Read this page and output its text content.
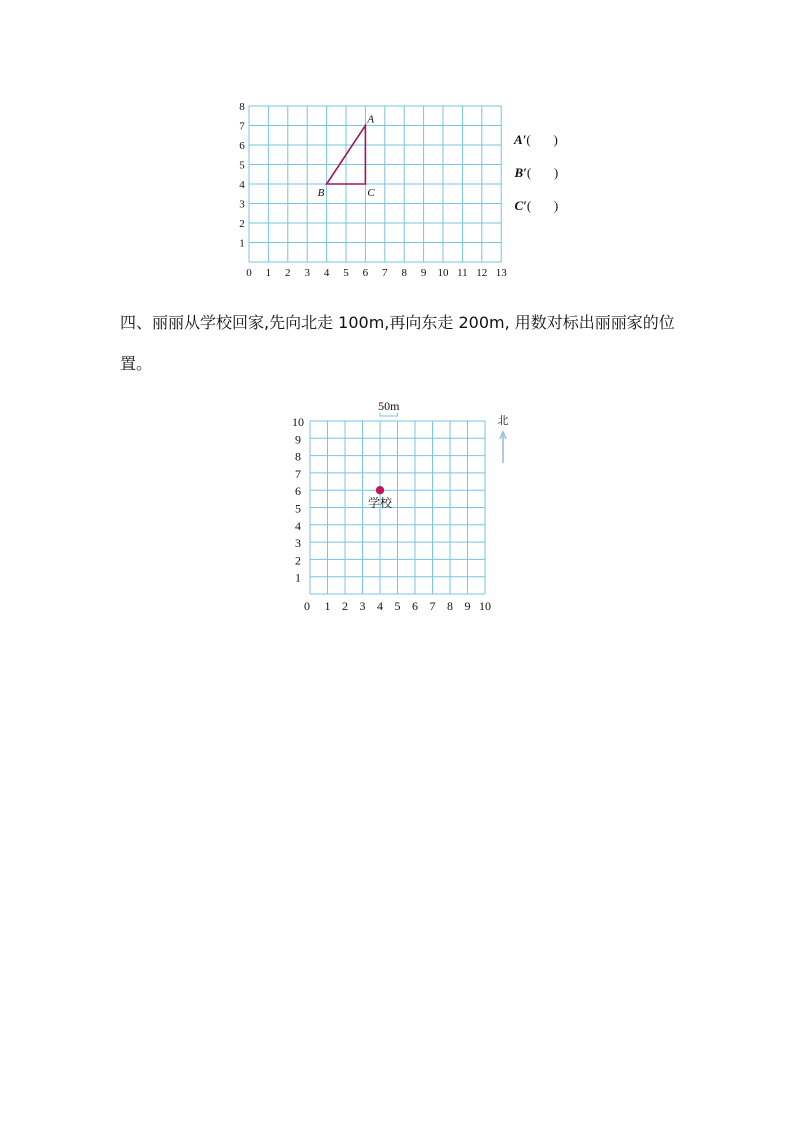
0 1 2 3 4 5 6 7 8 9 10 11 12 13
1
2
3
4
5
6
7
8
A
B	C

A′( )

B′( )

C′( )

四、丽丽从学校回家,先向北走 100m,再向东走 200m, 用数对标出丽丽家的位置。
0 1 2 3 4 5 6 7 8 9 10
1
2
3
4
5
6
7
8
9
10
50m
北
学校
